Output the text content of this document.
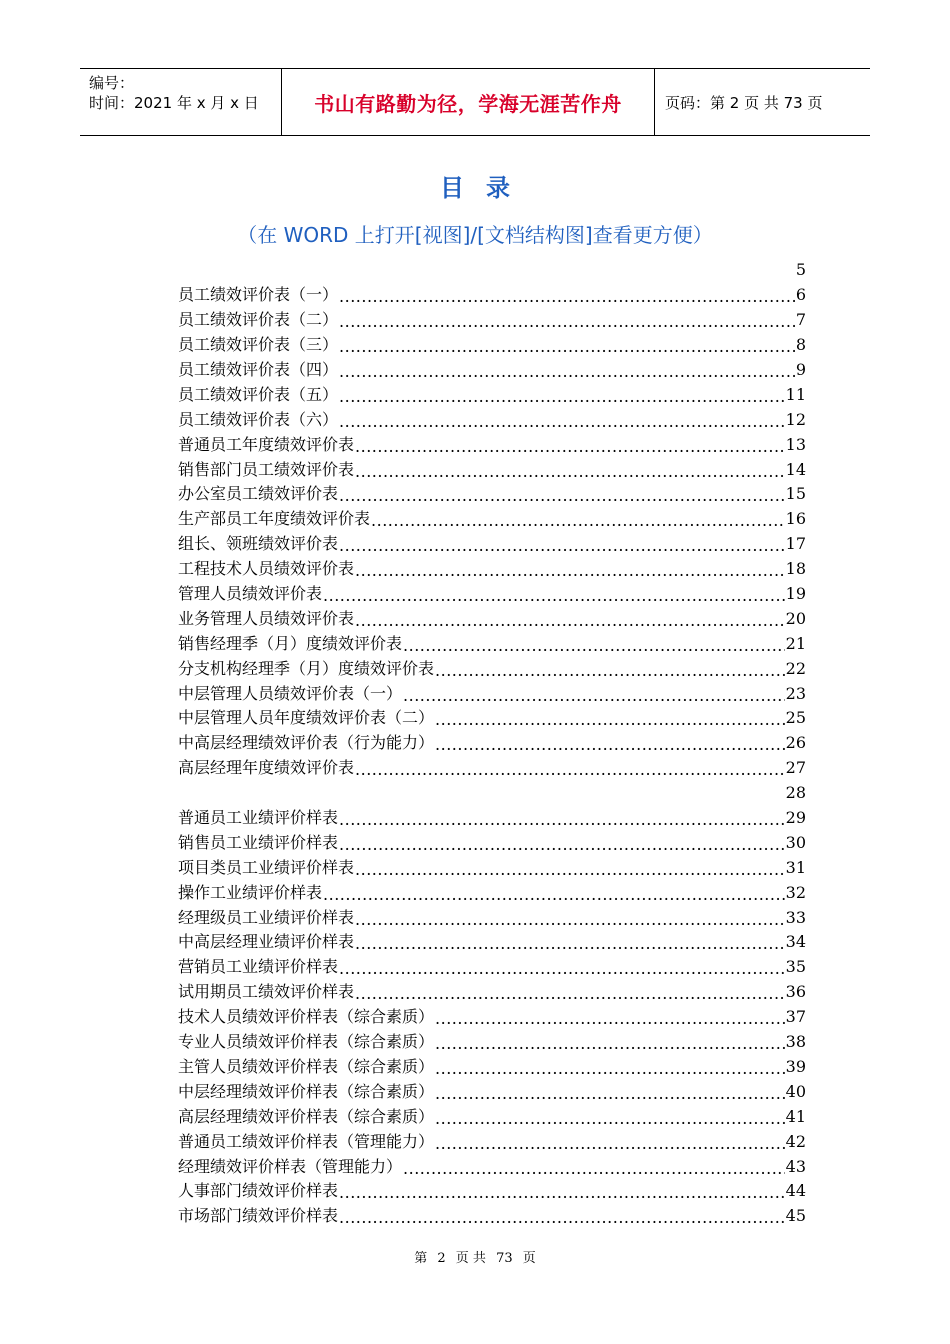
编号：
时间：2021 年 x 月 x 日	书山有路勤为径，学海无涯苦作舟	页码：第 2 页 共 73 页
目录
（在 WORD 上打开[视图]/[文档结构图]查看更方便）
5
员工绩效评价表（一） .....	6
员工绩效评价表（二） .....	7
员工绩效评价表（三） .....	8
员工绩效评价表（四） .....	9
员工绩效评价表（五） .....	11
员工绩效评价表（六） .....	12
普通员工年度绩效评价表 .....	13
销售部门员工绩效评价表 .....	14
办公室员工绩效评价表 .....	15
生产部员工年度绩效评价表 .....	16
组长、领班绩效评价表 .....	17
工程技术人员绩效评价表 .....	18
管理人员绩效评价表 .....	19
业务管理人员绩效评价表 .....	20
销售经理季（月）度绩效评价表 .....	21
分支机构经理季（月）度绩效评价表 .....	22
中层管理人员绩效评价表（一） .....	23
中层管理人员年度绩效评价表（二） .....	25
中高层经理绩效评价表（行为能力） .....	26
高层经理年度绩效评价表 .....	27
28
普通员工业绩评价样表 .....	29
销售员工业绩评价样表 .....	30
项目类员工业绩评价样表 .....	31
操作工业绩评价样表 .....	32
经理级员工业绩评价样表 .....	33
中高层经理业绩评价样表 .....	34
营销员工业绩评价样表 .....	35
试用期员工绩效评价样表 .....	36
技术人员绩效评价样表（综合素质） .....	37
专业人员绩效评价样表（综合素质） .....	38
主管人员绩效评价样表（综合素质） .....	39
中层经理绩效评价样表（综合素质） .....	40
高层经理绩效评价样表（综合素质） .....	41
普通员工绩效评价样表（管理能力） .....	42
经理绩效评价样表（管理能力） .....	43
人事部门绩效评价样表 .....	44
市场部门绩效评价样表 .....	45
第 2 页 共 73 页
